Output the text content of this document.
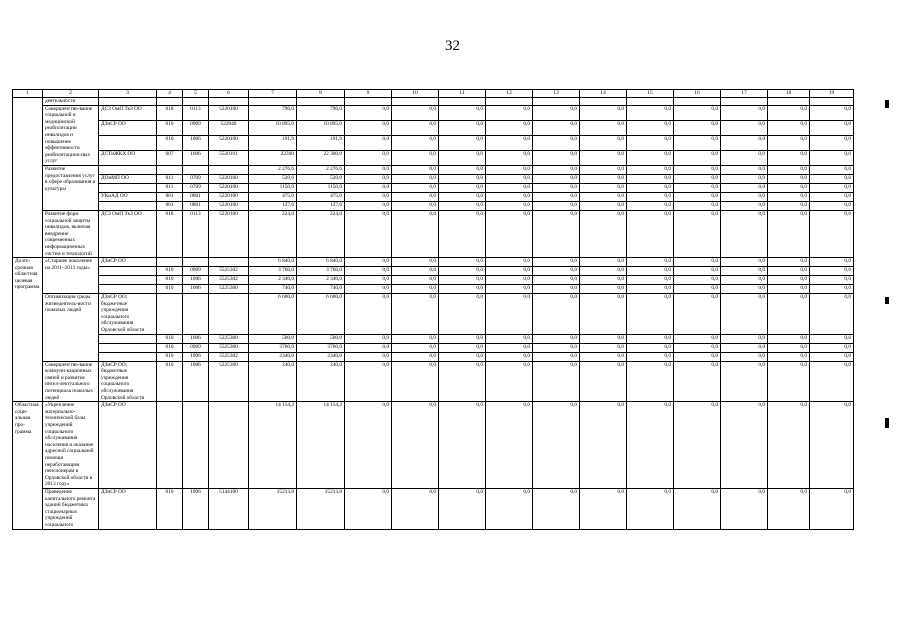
32
1	2	3	4	5	6	7	8	9	10	11	12	13	14	15	16	17	18	19
	деятельности																	
	Совершенство-вание социальной и медицинской реабилитации инвалидов и повышение эффективности реабилитацион-ных услуг	ДСЗ ОмП ТкЗ ОО	018	0113	5220100	796,0	796,0	0,0	0,0	0,0	0,0	0,0	0,0	0,0	0,0	0,0	0,0	0,0
		ДЗиСР ОО	010	0909	522040	10 895,0	10 895,0	0,0	0,0	0,0	0,0	0,0	0,0	0,0	0,0	0,0	0,0	0,0
			010	1006	5220100	191,9	191,9	0,0	0,0	0,0	0,0	0,0	0,0	0,0	0,0	0,0	0,0	0,0
		ДСТиЖКХ ОО	007	1006	5520101	22300	22 300,0	0,0	0,0	0,0	0,0	0,0	0,0	0,0	0,0	0,0	0,0	0,0
	Развитие предоставления услуг в сфере образования и культуры					2 276,6	2 276,6	0,0	0,0	0,0	0,0	0,0	0,0	0,0	0,0	0,0	0,0	0,0
		ДОиМП ОО	011	0709	5220100	520,6	520,0	0,0	0,0	0,0	0,0	0,0	0,0	0,0	0,0	0,0	0,0	0,0
			011	0709	5220100	1150,0	1150,0	0,0	0,0	0,0	0,0	0,0	0,0	0,0	0,0	0,0	0,0	0,0
		УКиАД ОО	801	0801	5220100	475,0	475,0	0,0	0,0	0,0	0,0	0,0	0,0	0,0	0,0	0,0	0,0	0,0
			801	0801	5220100	127,6	127,6	0,0	0,0	0,0	0,0	0,0	0,0	0,0	0,0	0,0	0,0	0,0
	Развитие форм социальной защиты инвалидов, включая внедрение современных информационных систем и технологий	ДСЗ ОмП ТкЗ ОО	018	0113	5220100	224,0	224,0	0,0	0,0	0,0	0,0	0,0	0,0	0,0	0,0	0,0	0,0	0,0
Долго-срочная областная целевая программа	«Старшее поколение на 2011–2013 годы»	ДЗиСР ОО				6 840,0	6 840,0	0,0	0,0	0,0	0,0	0,0	0,0	0,0	0,0	0,0	0,0	0,0
			010	0909	5525302	3 760,0	3 760,0	0,0	0,0	0,0	0,0	0,0	0,0	0,0	0,0	0,0	0,0	0,0
			010	1006	5525302	2 340,0	2 340,0	0,0	0,0	0,0	0,0	0,0	0,0	0,0	0,0	0,0	0,0	0,0
			010	1006	5225300	740,0	740,0	0,0	0,0	0,0	0,0	0,0	0,0	0,0	0,0	0,0	0,0	0,0
	Оптимизация среды жизнедеятель-ности пожилых людей	ДЗиСР ОО; бюджетные учреждения социального обслуживания Орловской области				6 600,0	6 600,0	0,0	0,0	0,0	0,0	0,0	0,0	0,0	0,0	0,0	0,0	0,0
			010	1006	5225300	500,0	500,0	0,0	0,0	0,0	0,0	0,0	0,0	0,0	0,0	0,0	0,0	0,0
			010	0909	5525300	3760,0	3760,0	0,0	0,0	0,0	0,0	0,0	0,0	0,0	0,0	0,0	0,0	0,0
			010	1006	5525302	2340,0	2340,0	0,0	0,0	0,0	0,0	0,0	0,0	0,0	0,0	0,0	0,0	0,0
	Совершенство-вание коммуни-кационных связей и развитие интел-лектуального потенциала пожилых людей	ДЗиСР ОО; бюджетные учреждения социального обслуживания Орловской области	010	1006	5225300	240,0	240,0	0,0	0,0	0,0	0,0	0,0	0,0	0,0	0,0	0,0	0,0	0,0
Областная соци-альная про-грамма	«Укрепление материально-технической базы учреждений социального обслуживания населения и оказание адресной социальной помощи неработающим пенсионерам в Орловской области в 2013 году»	ДЗиСР ОО				14 154,2	14 154,2	0,0	0,0	0,0	0,0	0,0	0,0	0,0	0,0	0,0	0,0	0,0
	Проведение капитального ремонта зданий бюджетных стационарных учреждений социального	ДЗиСР ОО	010	1006	5144100	15213,8	15213,8	0,0	0,0	0,0	0,0	0,0	0,0	0,0	0,0	0,0	0,0	0,0
